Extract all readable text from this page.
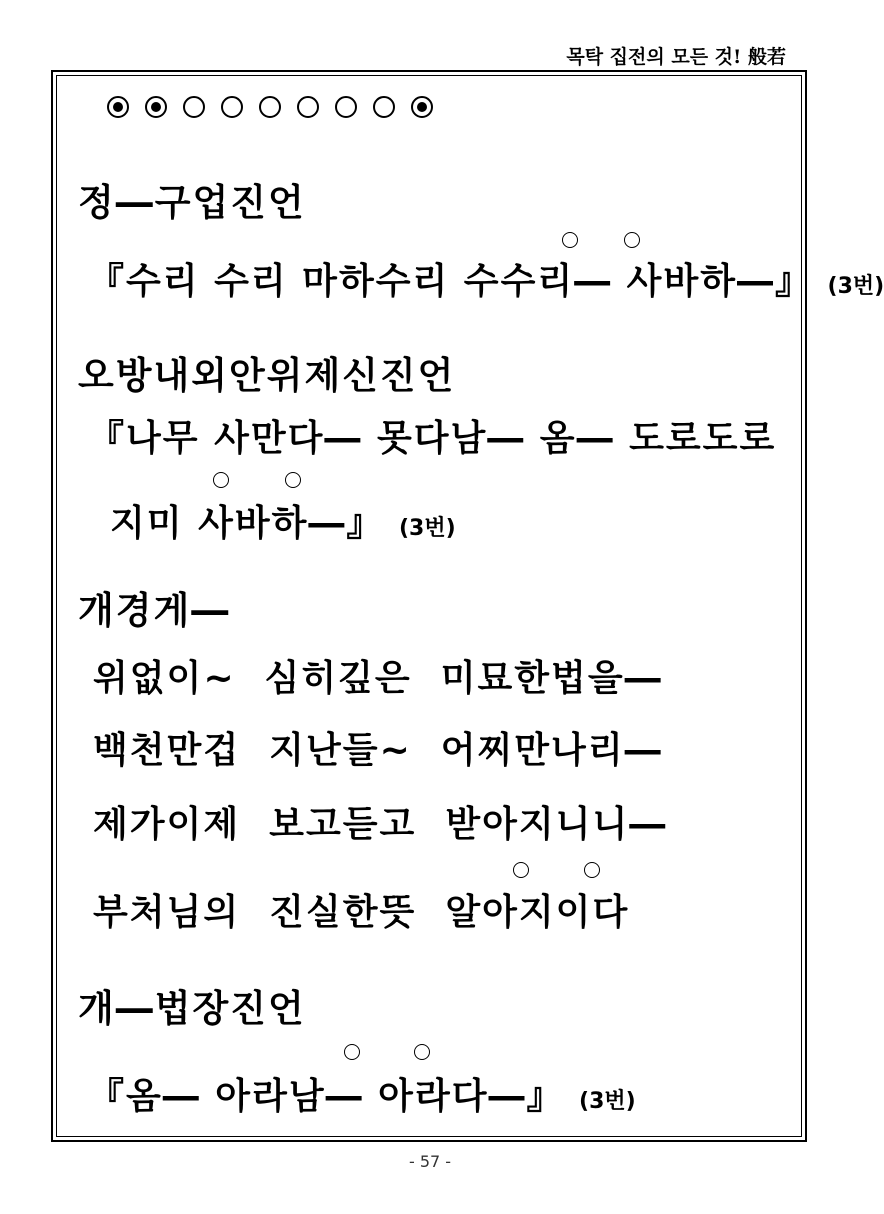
목탁 집전의 모든 것! 般若
정―구업진언
『수리 수리 마하수리 수수리― 사바하―』 (3번)
오방내외안위제신진언
『나무 사만다― 못다남― 옴― 도로도로
지미 사바하―』 (3번)
개경게―
위없이∼  심히깊은  미묘한법을―
백천만겁  지난들∼  어찌만나리―
제가이제  보고듣고  받아지니니―
부처님의  진실한뜻  알아지이다
개―법장진언
『옴― 아라남― 아라다―』 (3번)
- 57 -
